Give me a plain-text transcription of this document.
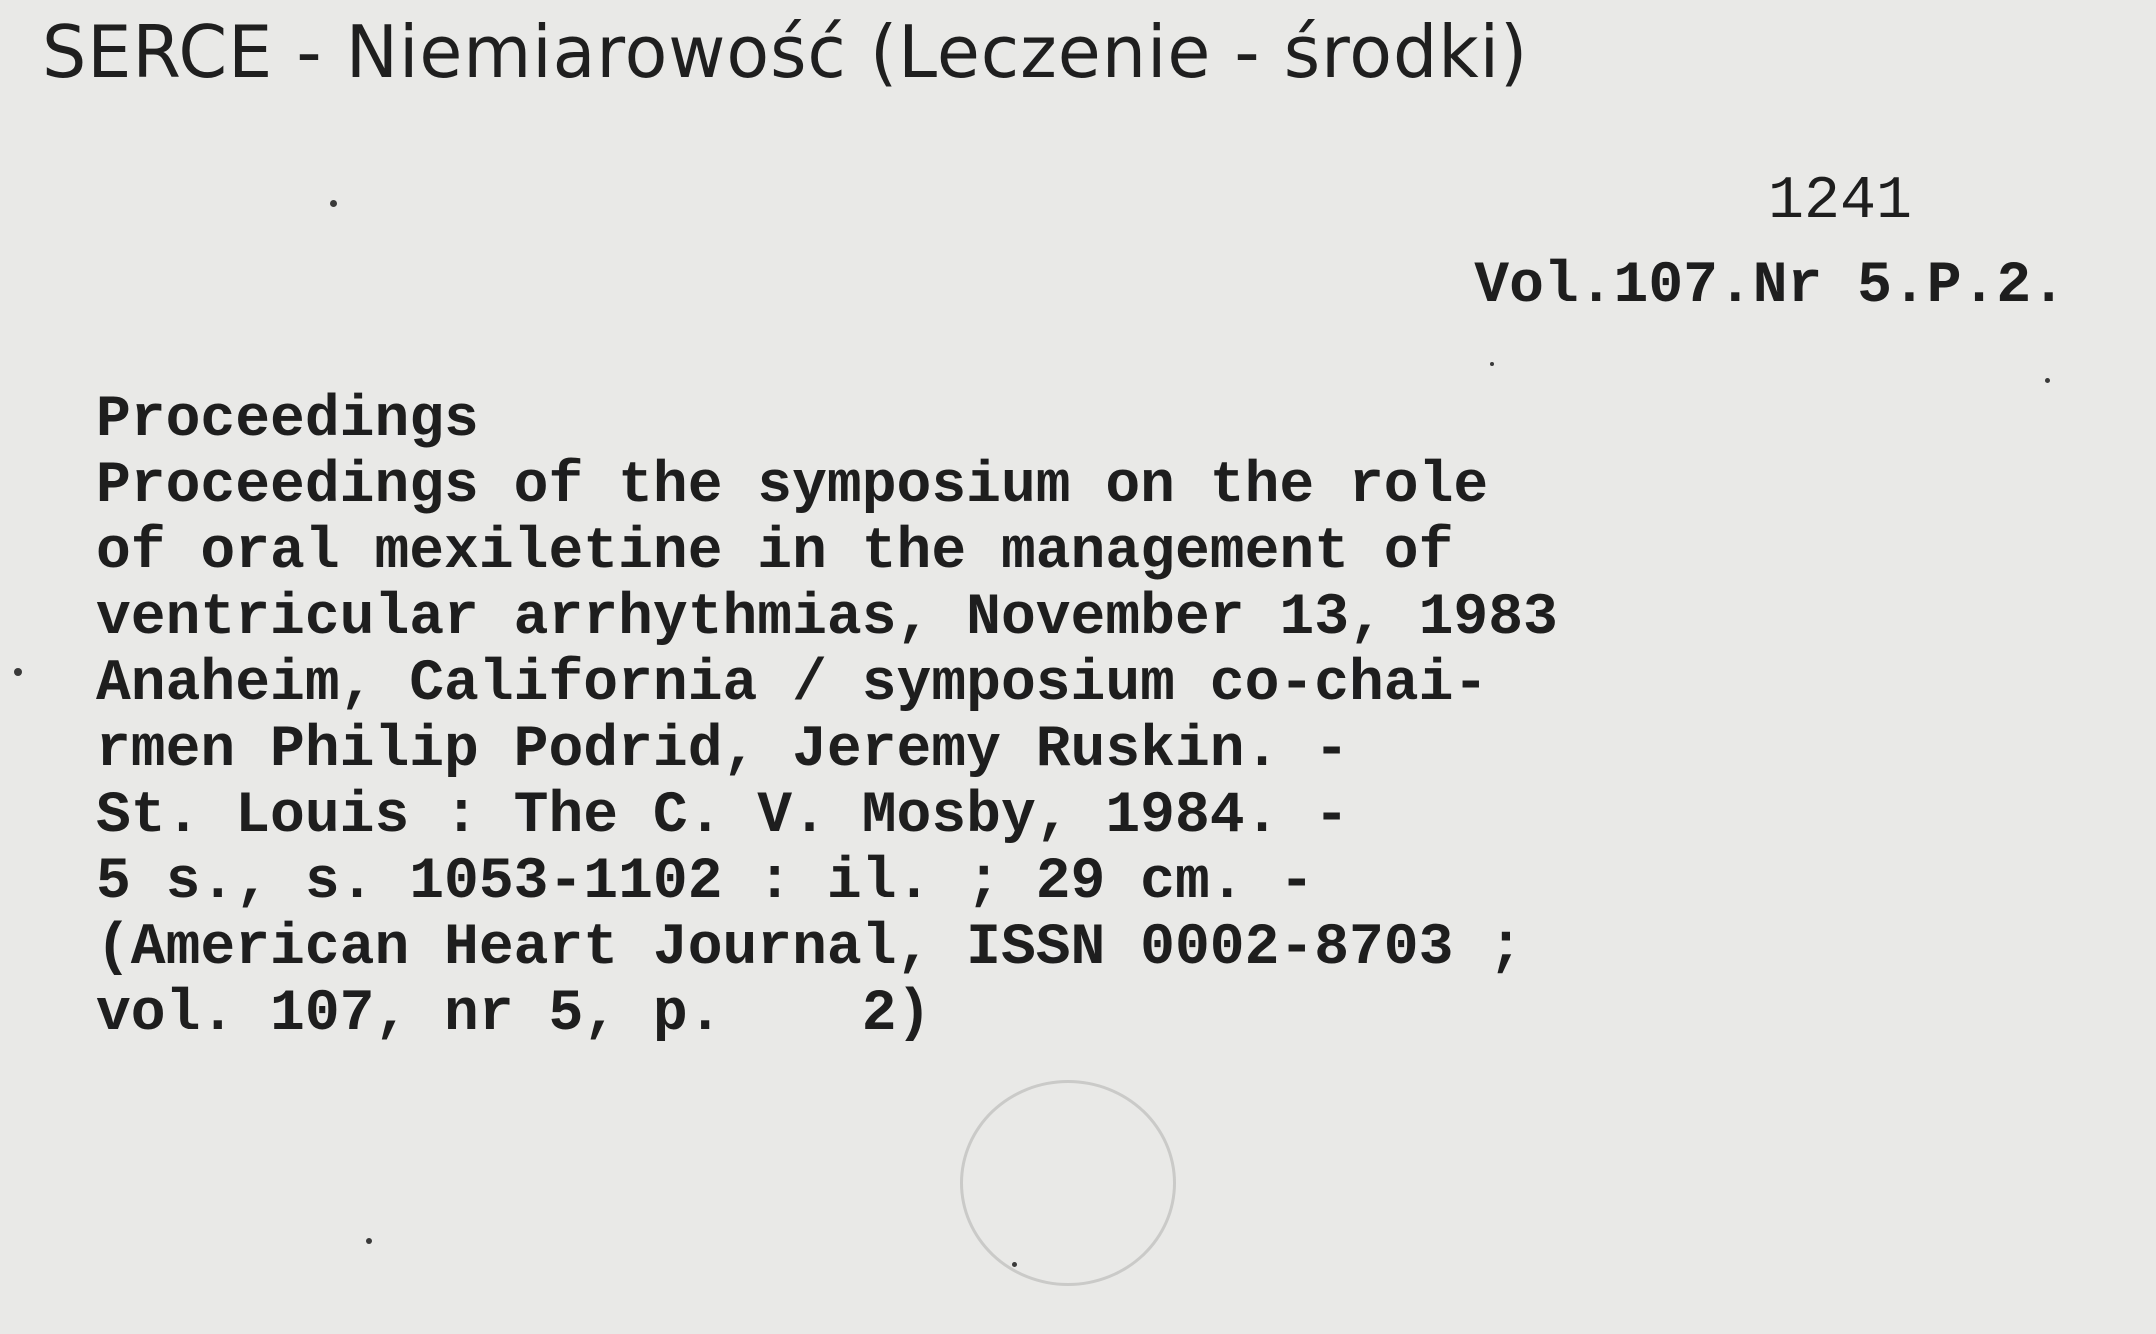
SERCE - Niemiarowość (Leczenie - środki)
1241
Vol.107.Nr 5.P.2.
Proceedings
Proceedings of the symposium on the role
of oral mexiletine in the management of
ventricular arrhythmias, November 13, 1983
Anaheim, California / symposium co-chai-
rmen Philip Podrid, Jeremy Ruskin. -
St. Louis : The C. V. Mosby, 1984. -
5 s., s. 1053-1102 : il. ; 29 cm. -
(American Heart Journal, ISSN 0002-8703 ;
vol. 107, nr 5, p.    2)
